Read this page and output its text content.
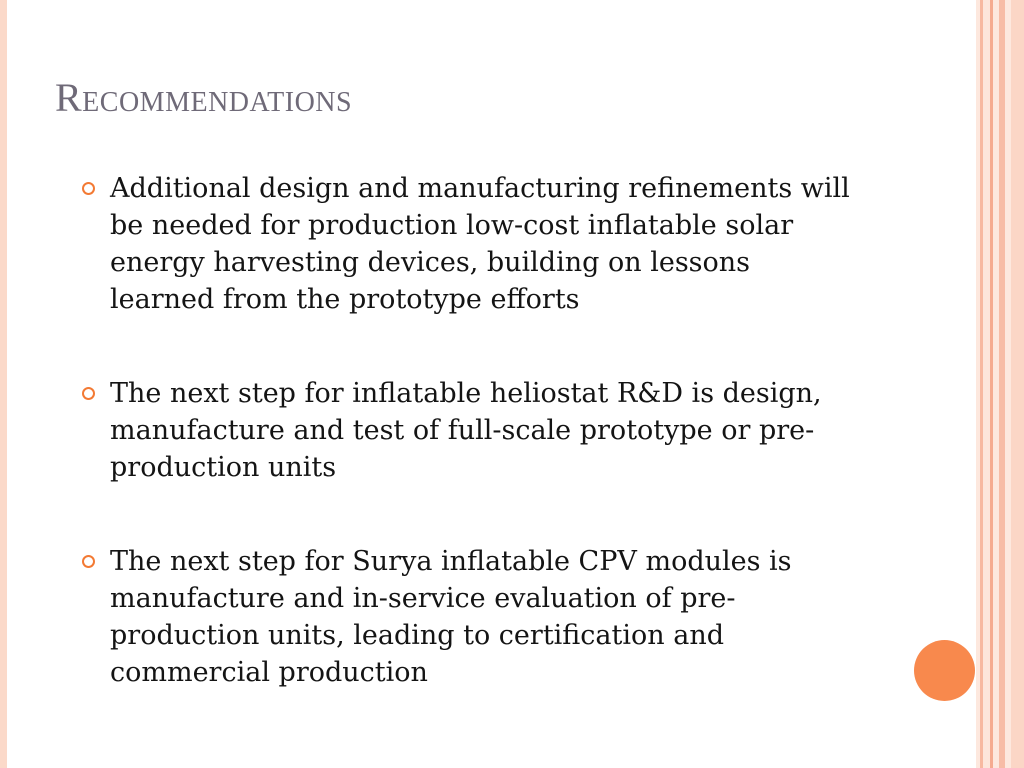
Recommendations
Additional design and manufacturing refinements will be needed for production low-cost inflatable solar energy harvesting devices, building on lessons learned from the prototype efforts
The next step for inflatable heliostat R&D is design, manufacture and test of full-scale prototype or pre-production units
The next step for Surya inflatable CPV modules is manufacture and in-service evaluation of pre-production units, leading to certification and commercial production
